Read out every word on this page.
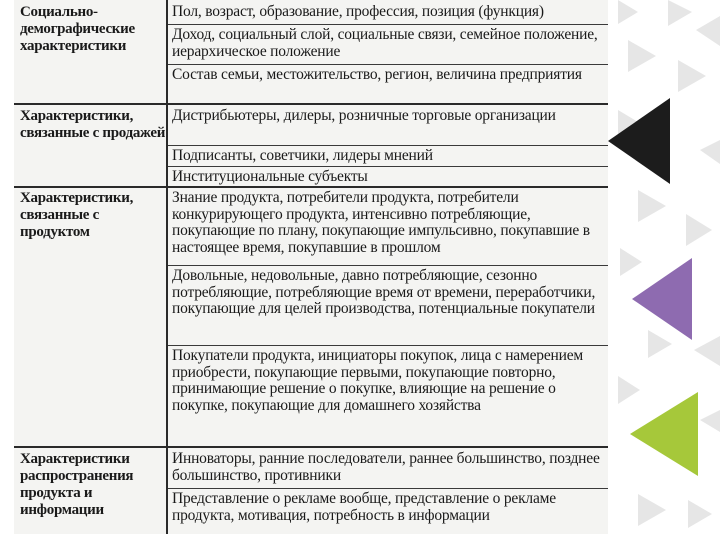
Социально-демографические характеристики
Пол, возраст, образование, профессия, позиция (функция)
Доход, социальный слой, социальные связи, семейное положение, иерархическое положение
Состав семьи, местожительство, регион, величина предприятия
Характеристики, связанные с продажей
Дистрибьютеры, дилеры, розничные торговые организации
Подписанты, советчики, лидеры мнений
Институциональные субъекты
Характеристики, связанные с продуктом
Знание продукта, потребители продукта, потребители конкурирующего продукта, интенсивно потребляющие, покупающие по плану, покупающие импульсивно, покупавшие в настоящее время, покупавшие в прошлом
Довольные, недовольные, давно потребляющие, сезонно потребляющие, потребляющие время от времени, переработчики, покупающие для целей производства, потенциальные покупатели
Покупатели продукта, инициаторы покупок, лица с намерением приобрести, покупающие первыми, покупающие повторно, принимающие решение о покупке, влияющие на решение о покупке, покупающие для домашнего хозяйства
Характеристики распространения продукта и информации
Инноваторы, ранние последователи, раннее большинство, позднее большинство, противники
Представление о рекламе вообще, представление о рекламе продукта, мотивация, потребность в информации
